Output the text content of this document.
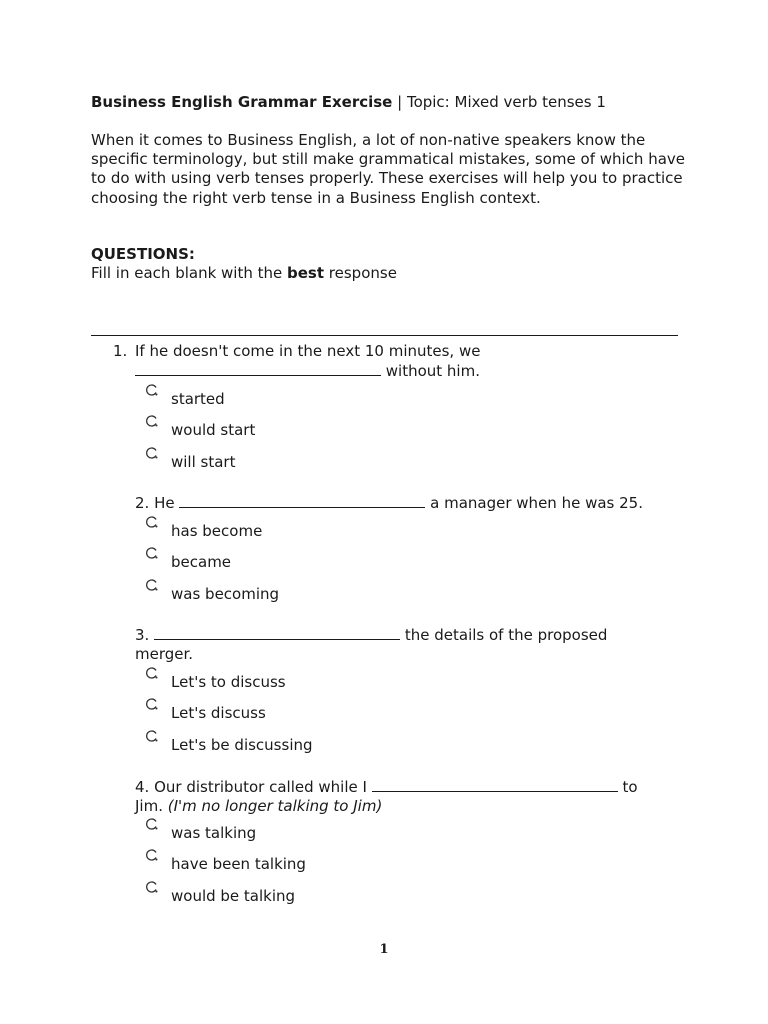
Business English Grammar Exercise | Topic: Mixed verb tenses 1
When it comes to Business English, a lot of non-native speakers know the specific terminology, but still make grammatical mistakes, some of which have to do with using verb tenses properly. These exercises will help you to practice choosing the right verb tense in a Business English context.
QUESTIONS:
Fill in each blank with the best response
1. If he doesn't come in the next 10 minutes, we
without him.
started
would start
will start
2. He	a manager when he was 25.
has become
became
was becoming
3.	the details of the proposed merger.
Let's to discuss
Let's discuss
Let's be discussing
4. Our distributor called while I	to Jim. (I'm no longer talking to Jim)
was talking
have been talking
would be talking
1
